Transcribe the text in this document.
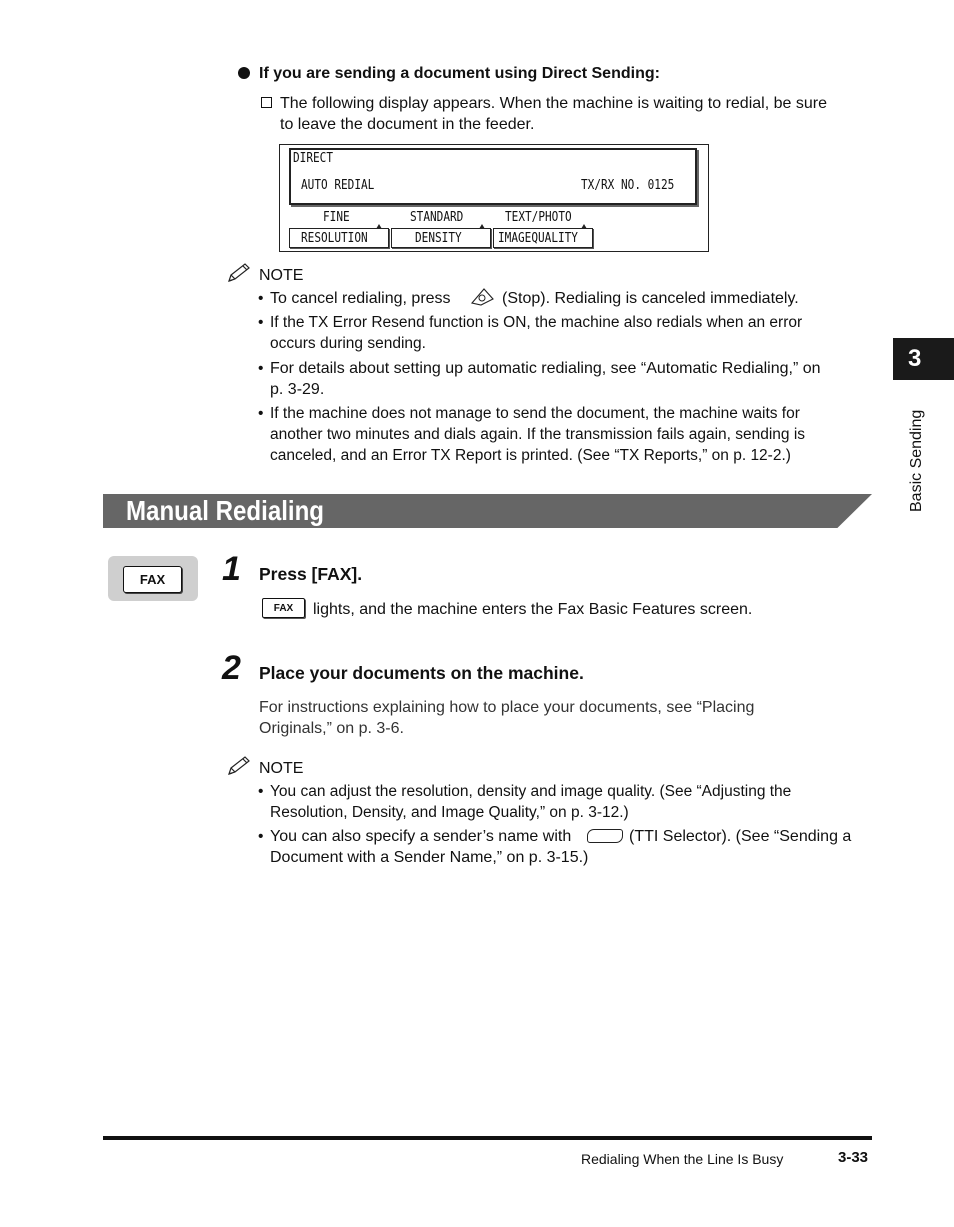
If you are sending a document using Direct Sending:
The following display appears. When the machine is waiting to redial, be sure
to leave the document in the feeder.
DIRECT
AUTO REDIAL	TX/RX NO. 0125
FINE	STANDARD	TEXT/PHOTO
RESOLUTION	DENSITY	IMAGEQUALITY
NOTE
• To cancel redialing, press	(Stop). Redialing is canceled immediately.
• If the TX Error Resend function is ON, the machine also redials when an error
occurs during sending.
• For details about setting up automatic redialing, see “Automatic Redialing,” on
p. 3-29.
• If the machine does not manage to send the document, the machine waits for
another two minutes and dials again. If the transmission fails again, sending is
canceled, and an Error TX Report is printed. (See “TX Reports,” on p. 12-2.)
Manual Redialing
FAX	1 Press [FAX].
FAX	lights, and the machine enters the Fax Basic Features screen.
2 Place your documents on the machine.
For instructions explaining how to place your documents, see “Placing
Originals,” on p. 3-6.
NOTE
• You can adjust the resolution, density and image quality. (See “Adjusting the
Resolution, Density, and Image Quality,” on p. 3-12.)
• You can also specify a sender’s name with	(TTI Selector). (See “Sending a
Document with a Sender Name,” on p. 3-15.)
3
Basic Sending
Redialing When the Line Is Busy	3-33
